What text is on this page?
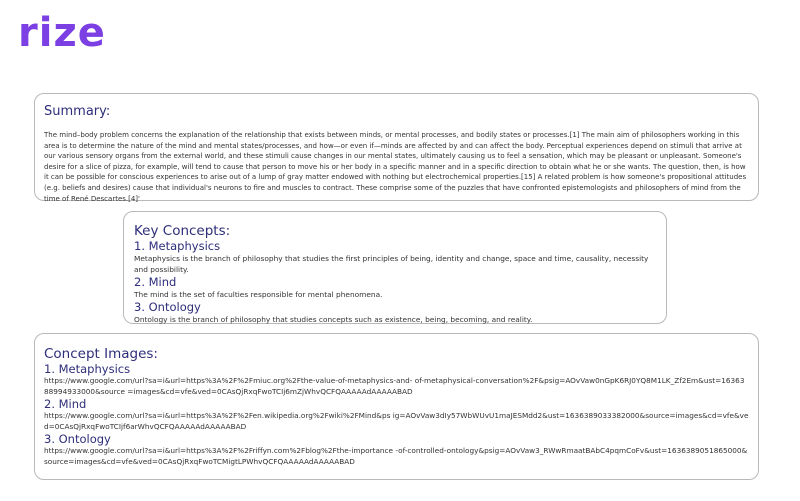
rize
Summary:
The mind–body problem concerns the explanation of the relationship that exists between minds, or mental processes, and bodily states or processes.[1] The main aim of philosophers working in this area is to determine the nature of the mind and mental states/processes, and how—or even if—minds are affected by and can affect the body. Perceptual experiences depend on stimuli that arrive at our various sensory organs from the external world, and these stimuli cause changes in our mental states, ultimately causing us to feel a sensation, which may be pleasant or unpleasant. Someone's desire for a slice of pizza, for example, will tend to cause that person to move his or her body in a specific manner and in a specific direction to obtain what he or she wants. The question, then, is how it can be possible for conscious experiences to arise out of a lump of gray matter endowed with nothing but electrochemical properties.[15] A related problem is how someone's propositional attitudes (e.g. beliefs and desires) cause that individual's neurons to fire and muscles to contract. These comprise some of the puzzles that have confronted epistemologists and philosophers of mind from the time of René Descartes.[4]'
Key Concepts:
1. Metaphysics
Metaphysics is the branch of philosophy that studies the first principles of being, identity and change, space and time, causality, necessity and possibility.
2. Mind
The mind is the set of faculties responsible for mental phenomena.
3. Ontology
Ontology is the branch of philosophy that studies concepts such as existence, being, becoming, and reality.
Concept Images:
1. Metaphysics
https://www.google.com/url?sa=i&url=https%3A%2F%2Fmiuc.org%2Fthe-value-of-metaphysics-and- of-metaphysical-conversation%2F&psig=AOvVaw0nGpK6RJ0YQ8M1LK_Zf2Em&ust=1636388994933000&source =images&cd=vfe&ved=0CAsQjRxqFwoTCIj6mZjWhvQCFQAAAAAdAAAAABAD
2. Mind
https://www.google.com/url?sa=i&url=https%3A%2F%2Fen.wikipedia.org%2Fwiki%2FMind&ps ig=AOvVaw3dIy57WbWUvU1maJESMdd2&ust=1636389033382000&source=images&cd=vfe&ved=0CAsQjRxqFwoTCIjf6arWhvQCFQAAAAAdAAAAABAD
3. Ontology
https://www.google.com/url?sa=i&url=https%3A%2F%2Friffyn.com%2Fblog%2Fthe-importance -of-controlled-ontology&psig=AOvVaw3_RWwRmaatBAbC4pqmCoFv&ust=1636389051865000&source=images&cd=vfe&ved=0CAsQjRxqFwoTCMigtLPWhvQCFQAAAAAdAAAAABAD
